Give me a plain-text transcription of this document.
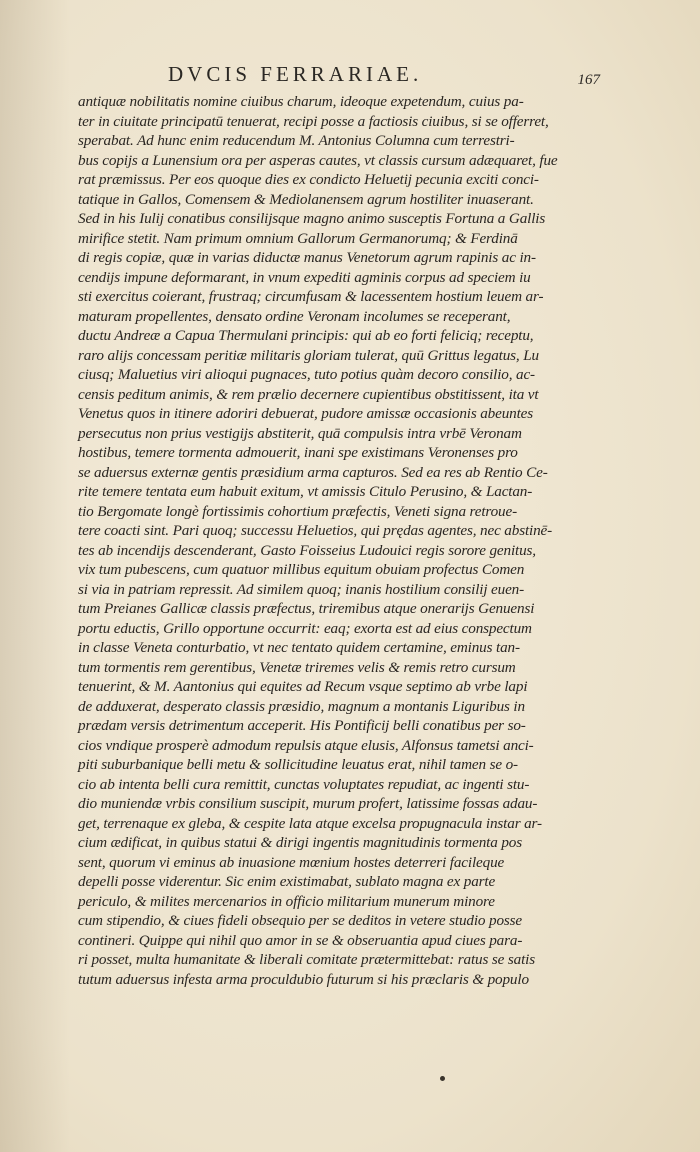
DVCIS FERRARIAE.	167
antiquæ nobilitatis nomine ciuibus charum, ideoque expetendum, cuius pa-
ter in ciuitate principatū tenuerat, recipi posse a factiosis ciuibus, si se offerret,
sperabat. Ad hunc enim reducendum M. Antonius Columna cum terrestri-
bus copijs a Lunensium ora per asperas cautes, vt classis cursum adæquaret, fue
rat præmissus. Per eos quoque dies ex condicto Heluetij pecunia exciti conci-
tatique in Gallos, Comensem & Mediolanensem agrum hostiliter inuaserant.
Sed in his Iulij conatibus consilijsque magno animo susceptis Fortuna a Gallis
mirifice stetit. Nam primum omnium Gallorum Germanorumq; & Ferdinā
di regis copiæ, quæ in varias diductæ manus Venetorum agrum rapinis ac in-
cendijs impune deformarant, in vnum expediti agminis corpus ad speciem iu
sti exercitus coierant, frustraq; circumfusam & lacessentem hostium leuem ar-
maturam propellentes, densato ordine Veronam incolumes se receperant,
ductu Andreæ a Capua Thermulani principis: qui ab eo forti feliciq; receptu,
raro alijs concessam peritiæ militaris gloriam tulerat, quū Grittus legatus, Lu
ciusq; Maluetius viri alioqui pugnaces, tuto potius quàm decoro consilio, ac-
censis peditum animis, & rem prælio decernere cupientibus obstitissent, ita vt
Venetus quos in itinere adoriri debuerat, pudore amissæ occasionis abeuntes
persecutus non prius vestigijs abstiterit, quā compulsis intra vrbē Veronam
hostibus, temere tormenta admouerit, inani spe existimans Veronenses pro
se aduersus externæ gentis præsidium arma capturos. Sed ea res ab Rentio Ce-
rite temere tentata eum habuit exitum, vt amissis Citulo Perusino, & Lactan-
tio Bergomate longè fortissimis cohortium præfectis, Veneti signa retroue-
tere coacti sint. Pari quoq; successu Heluetios, qui prędas agentes, nec abstinē-
tes ab incendijs descenderant, Gasto Foisseius Ludouici regis sorore genitus,
vix tum pubescens, cum quatuor millibus equitum obuiam profectus Comen
si via in patriam repressit. Ad similem quoq; inanis hostilium consilij euen-
tum Preianes Gallicæ classis præfectus, triremibus atque onerarijs Genuensi
portu eductis, Grillo opportune occurrit: eaq; exorta est ad eius conspectum
in classe Veneta conturbatio, vt nec tentato quidem certamine, eminus tan-
tum tormentis rem gerentibus, Venetæ triremes velis & remis retro cursum
tenuerint, & M. Aantonius qui equites ad Recum vsque septimo ab vrbe lapi
de adduxerat, desperato classis præsidio, magnum a montanis Liguribus in
prædam versis detrimentum acceperit. His Pontificij belli conatibus per so-
cios vndique prosperè admodum repulsis atque elusis, Alfonsus tametsi anci-
piti suburbanique belli metu & sollicitudine leuatus erat, nihil tamen se o-
cio ab intenta belli cura remittit, cunctas voluptates repudiat, ac ingenti stu-
dio muniendæ vrbis consilium suscipit, murum profert, latissime fossas adau-
get, terrenaque ex gleba, & cespite lata atque excelsa propugnacula instar ar-
cium ædificat, in quibus statui & dirigi ingentis magnitudinis tormenta pos
sent, quorum vi eminus ab inuasione mœnium hostes deterreri facileque
depelli posse viderentur. Sic enim existimabat, sublato magna ex parte
periculo, & milites mercenarios in officio militarium munerum minore
cum stipendio, & ciues fideli obsequio per se deditos in vetere studio posse
contineri. Quippe qui nihil quo amor in se & obseruantia apud ciues para-
ri posset, multa humanitate & liberali comitate prætermittebat: ratus se satis
tutum aduersus infesta arma proculdubio futurum si his præclaris & populo
